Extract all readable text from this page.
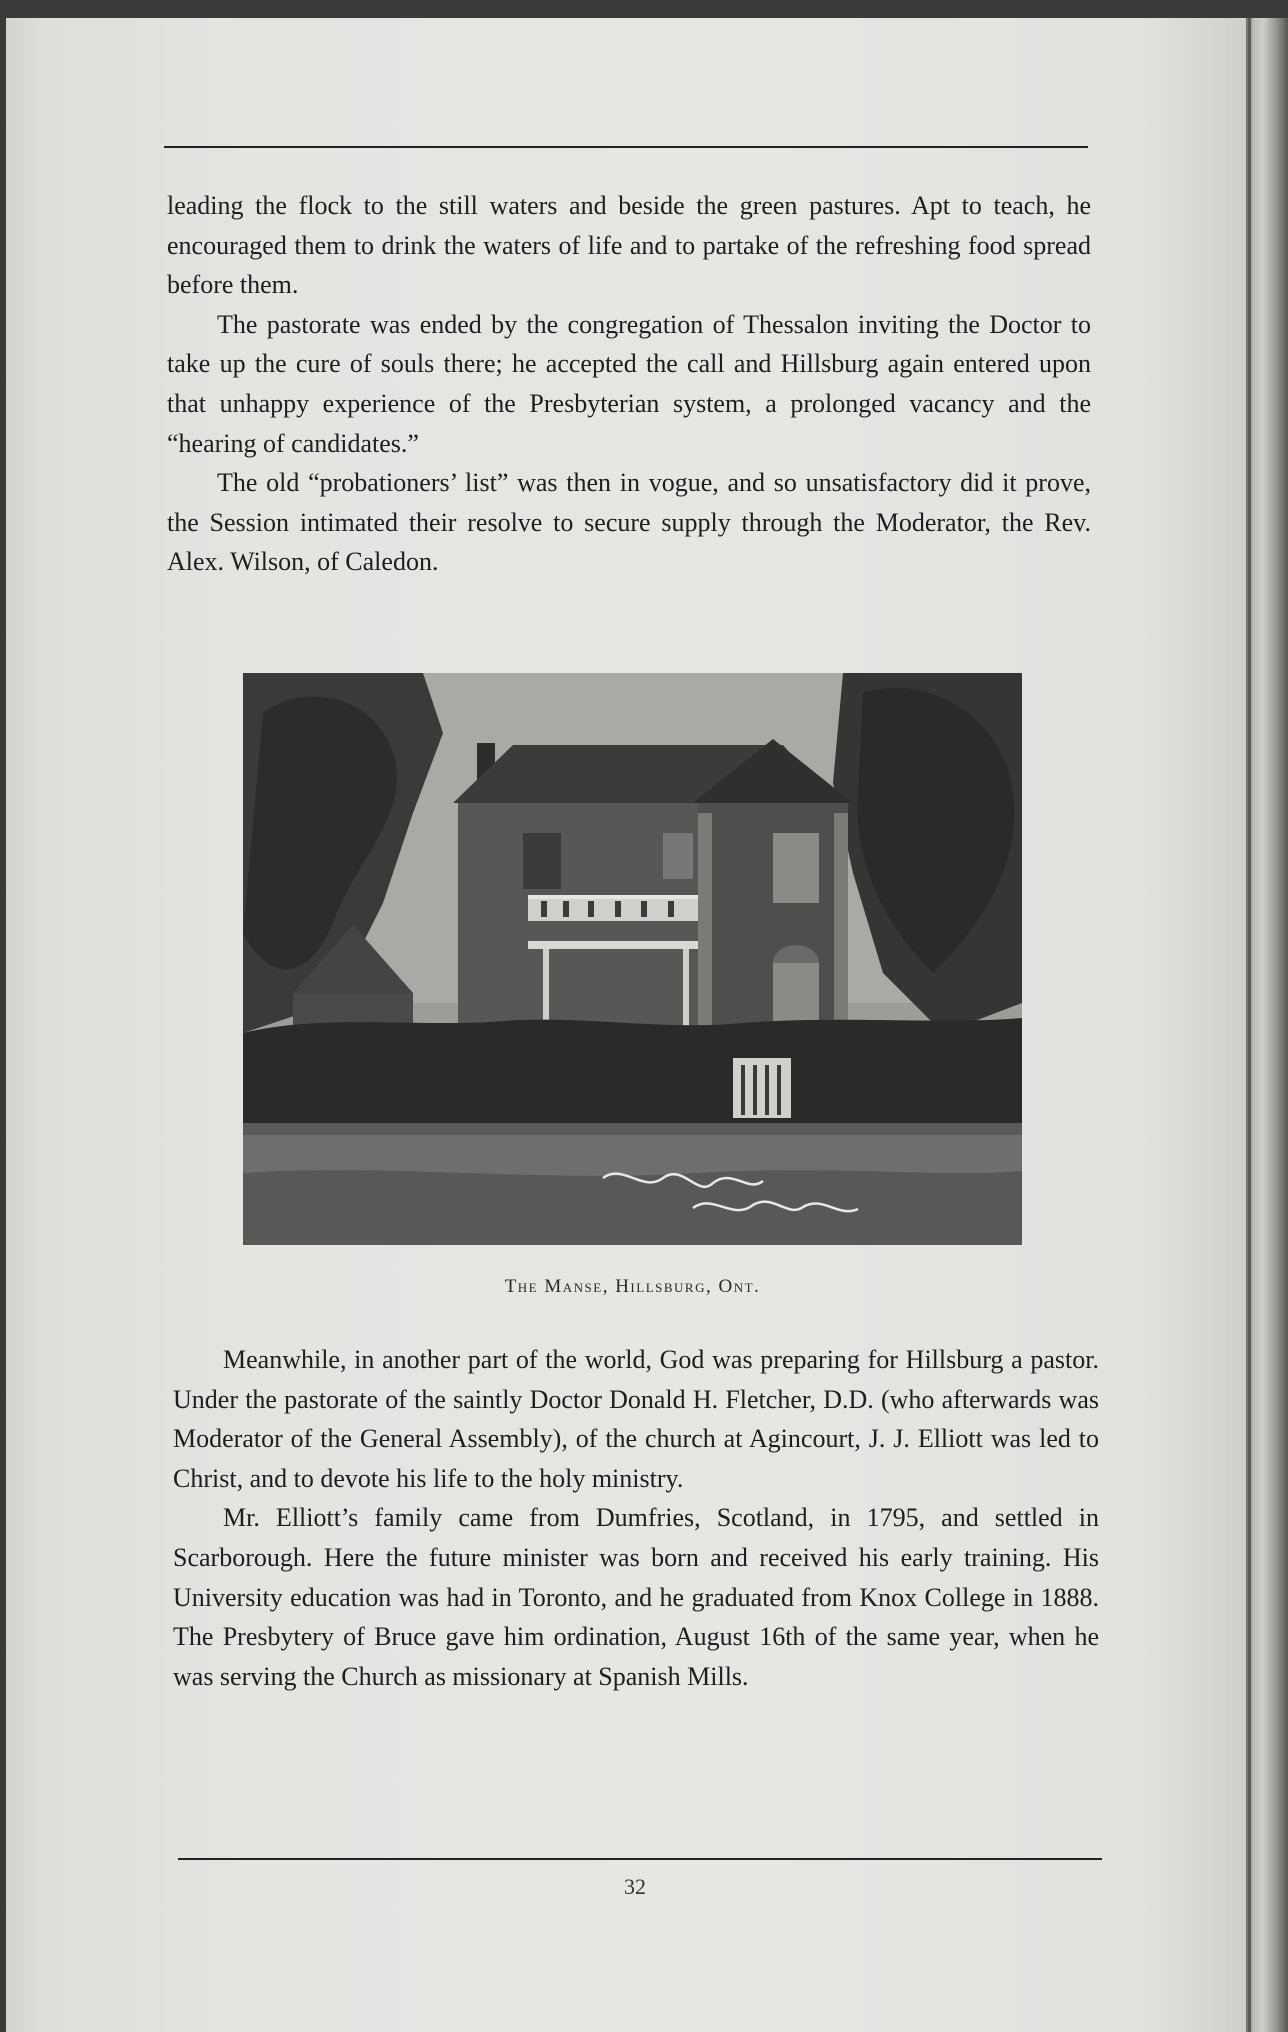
leading the flock to the still waters and beside the green pastures. Apt to teach, he encouraged them to drink the waters of life and to partake of the refreshing food spread before them.

The pastorate was ended by the congregation of Thessalon inviting the Doctor to take up the cure of souls there; he accepted the call and Hillsburg again entered upon that unhappy experience of the Presbyterian system, a prolonged vacancy and the “hearing of candidates.”

The old “probationers’ list” was then in vogue, and so unsatisfactory did it prove, the Session intimated their resolve to secure supply through the Moderator, the Rev. Alex. Wilson, of Caledon.

The Manse, Hillsburg, Ont.

Meanwhile, in another part of the world, God was preparing for Hillsburg a pastor. Under the pastorate of the saintly Doctor Donald H. Fletcher, D.D. (who afterwards was Moderator of the General Assembly), of the church at Agincourt, J. J. Elliott was led to Christ, and to devote his life to the holy ministry.

Mr. Elliott’s family came from Dumfries, Scotland, in 1795, and settled in Scarborough. Here the future minister was born and received his early training. His University education was had in Toronto, and he graduated from Knox College in 1888. The Presbytery of Bruce gave him ordination, August 16th of the same year, when he was serving the Church as missionary at Spanish Mills.

32
